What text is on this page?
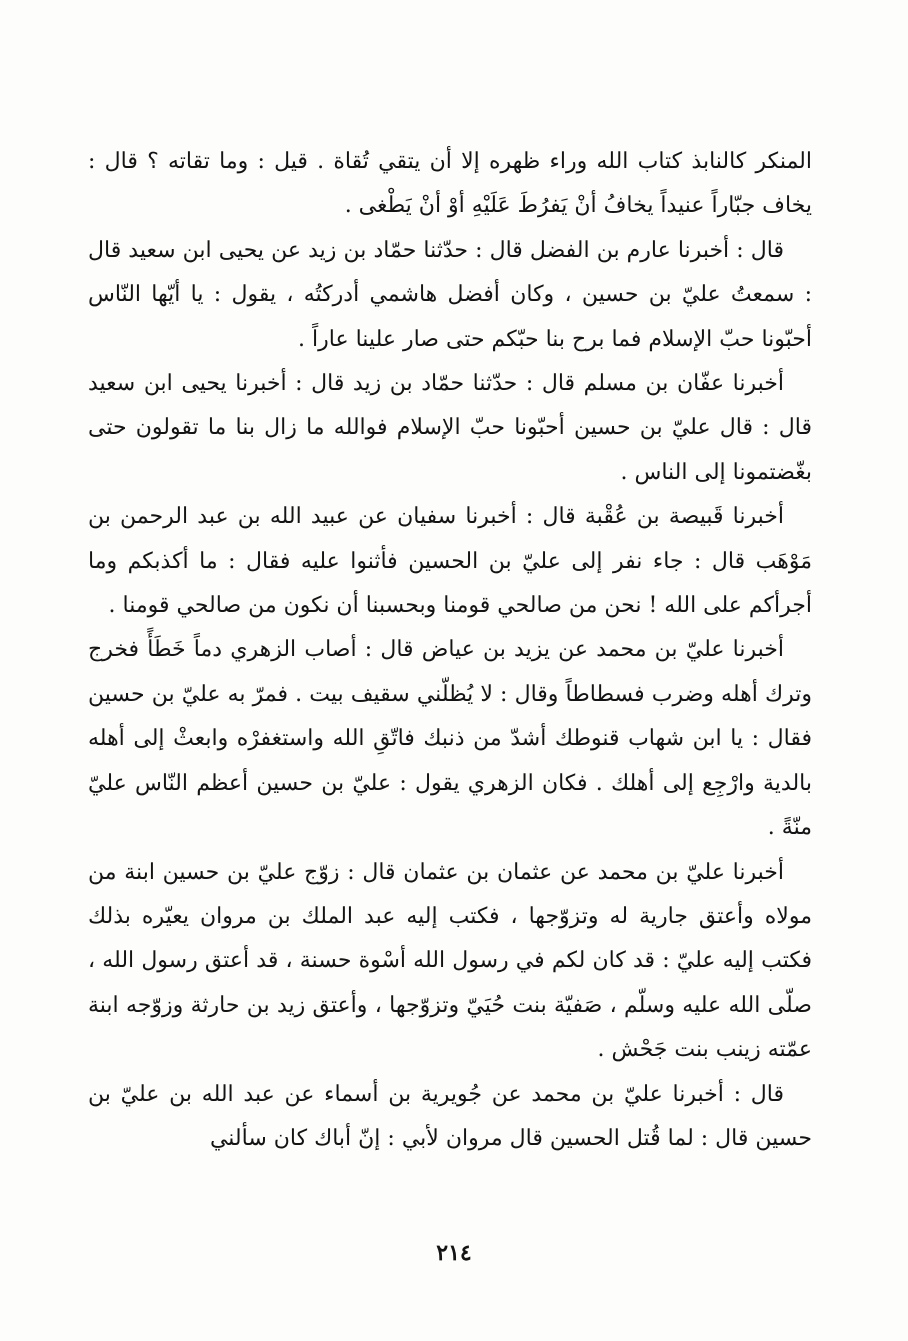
المنكر كالنابذ كتاب الله وراء ظهره إلا أن يتقي تُقاة . قيل : وما تقاته ؟ قال : يخاف جبّاراً عنيداً يخافُ أنْ يَفرُطَ عَلَيْهِ أوْ أنْ يَطْغى .

قال : أخبرنا عارم بن الفضل قال : حدّثنا حمّاد بن زيد عن يحيى ابن سعيد قال : سمعتُ عليّ بن حسين ، وكان أفضل هاشمي أدركتُه ، يقول : يا أيّها النّاس أحبّونا حبّ الإسلام فما برح بنا حبّكم حتى صار علينا عاراً .

أخبرنا عفّان بن مسلم قال : حدّثنا حمّاد بن زيد قال : أخبرنا يحيى ابن سعيد قال : قال عليّ بن حسين أحبّونا حبّ الإسلام فوالله ما زال بنا ما تقولون حتى بغّضتمونا إلى الناس .

أخبرنا قَبيصة بن عُقْبة قال : أخبرنا سفيان عن عبيد الله بن عبد الرحمن بن مَوْهَب قال : جاء نفر إلى عليّ بن الحسين فأثنوا عليه فقال : ما أكذبكم وما أجرأكم على الله ! نحن من صالحي قومنا وبحسبنا أن نكون من صالحي قومنا .

أخبرنا عليّ بن محمد عن يزيد بن عياض قال : أصاب الزهري دماً خَطَأً فخرج وترك أهله وضرب فسطاطاً وقال : لا يُظلّني سقيف بيت . فمرّ به عليّ بن حسين فقال : يا ابن شهاب قنوطك أشدّ من ذنبك فاتّقِ الله واستغفرْه وابعثْ إلى أهله بالدية وارْجِع إلى أهلك . فكان الزهري يقول : عليّ بن حسين أعظم النّاس عليّ منّةً .

أخبرنا عليّ بن محمد عن عثمان بن عثمان قال : زوّج عليّ بن حسين ابنة من مولاه وأعتق جارية له وتزوّجها ، فكتب إليه عبد الملك بن مروان يعيّره بذلك فكتب إليه عليّ : قد كان لكم في رسول الله أسْوة حسنة ، قد أعتق رسول الله ، صلّى الله عليه وسلّم ، صَفيّة بنت حُيَيّ وتزوّجها ، وأعتق زيد بن حارثة وزوّجه ابنة عمّته زينب بنت جَحْش .

قال : أخبرنا عليّ بن محمد عن جُويرية بن أسماء عن عبد الله بن عليّ بن حسين قال : لما قُتل الحسين قال مروان لأبي : إنّ أباك كان سألني

٢١٤
